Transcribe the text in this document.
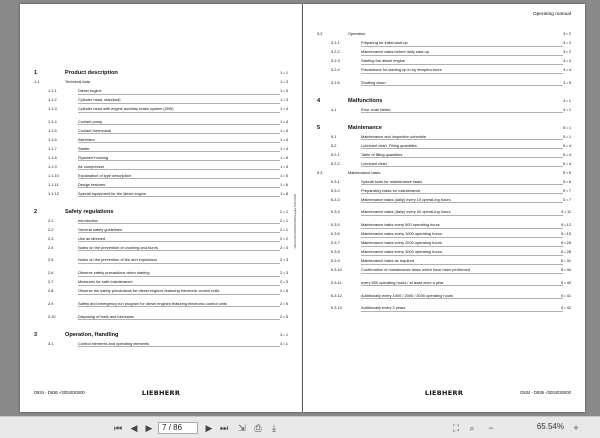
1	Product description	1 • 1
1.1	Technical data	1 • 3
1.1.1	Diesel engine	1 • 3
1.1.2	Cylinder head, standard)	1 • 3
1.1.3	Cylinder head with engine auxiliary brake system (ZBS)	1 • 4
1.1.4	Coolant pump	1 • 4
1.1.5	Coolant thermostat	1 • 4
1.1.6	Alternator	1 • 4
1.1.7	Starter	1 • 4
1.1.8	Flywheel housing	1 • 5
1.1.9	Air compressor	1 • 5
1.1.10	Explanation of type description	1 • 5
1.1.11	Design features	1 • 6
1.1.12	Special equipment for the diesel engine	1 • 8
2	Safety regulations	2 • 1
2.1	Introduction	2 • 1
2.2	General safety guidelines	2 • 1
2.3	Use as directed	2 • 2
2.4	Notes on the prevention of crushing and burns	2 • 3
2.5	Notes on the prevention of fire and explosions	2 • 3
2.6	Observe safety precautions when starting	2 • 3
2.7	Measures for safe maintenance	2 • 3
2.8	Observe the safety precautions for diesel engines featuring electronic control units	2 • 5
2.9	Safety and emergency run program for diesel engines featuring electronic control units	2 • 5
2.10	Disposing of fuels and lubricants	2 • 5
3	Operation, Handling	3 • 1
3.1	Control elements and operating elements	3 • 1
LWE/en/MON/D934/D936/Ausgabe 2020/12/08
D934 - D936 -/2004030000	LIEBHERR
Operating manual
3.2	Operation	3 • 2
3.2.1	Preparing for initial start-up	3 • 2
3.2.2	Maintenance tasks before daily start-up	3 • 2
3.2.3	Starting the diesel engine	3 • 3
3.2.4	Precautions for starting up in icy tempera-tures	3 • 4
3.2.5	Shutting down	3 • 5
4	Malfunctions	4 • 1
4.1	Error code tables	4 • 1
5	Maintenance	5 • 1
5.1	Maintenance and inspection schedule	5 • 1
5.2	Lubricant chart, Filling quantities	5 • 4
5.2.1	Table of filling quantities	5 • 4
5.2.2	Lubricant chart	5 • 4
5.3	Maintenance tasks	5 • 6
5.3.1	Special tools for maintenance tasks	5 • 6
5.3.2	Preparatory tasks for maintenance	5 • 7
5.3.3	Maintenance tasks (daily) every 10 operat-ing hours	5 • 7
5.3.4	Maintenance tasks (daily) every 50 operat-ing hours	5 • 11
5.3.5	Maintenance tasks every 500 operating hours	5 • 12
5.3.6	Maintenance tasks every 1000 operating hours	5 • 15
5.3.7	Maintenance tasks every 2000 operating hours	5 • 26
5.3.8	Maintenance tasks every 3000 operating hours	5 • 28
5.3.9	Maintenance tasks as required	5 • 31
5.3.10	Confirmation of maintenance tasks which have been performed	5 • 40
5.3.11	every 500 operating hours / at least once a year	5 • 40
5.3.12	Additionally every 1000 / 2000 / 3000 operating hours	5 • 41
5.3.13	Additionally every 2 years	5 • 42
LIEBHERR	D934 - D936 -/2004030000
⏮ ◀ ▶	7 / 86	▶ ⏭ ⇲ ⎙	⤓	⛶	⌕	−	65.54%	+
